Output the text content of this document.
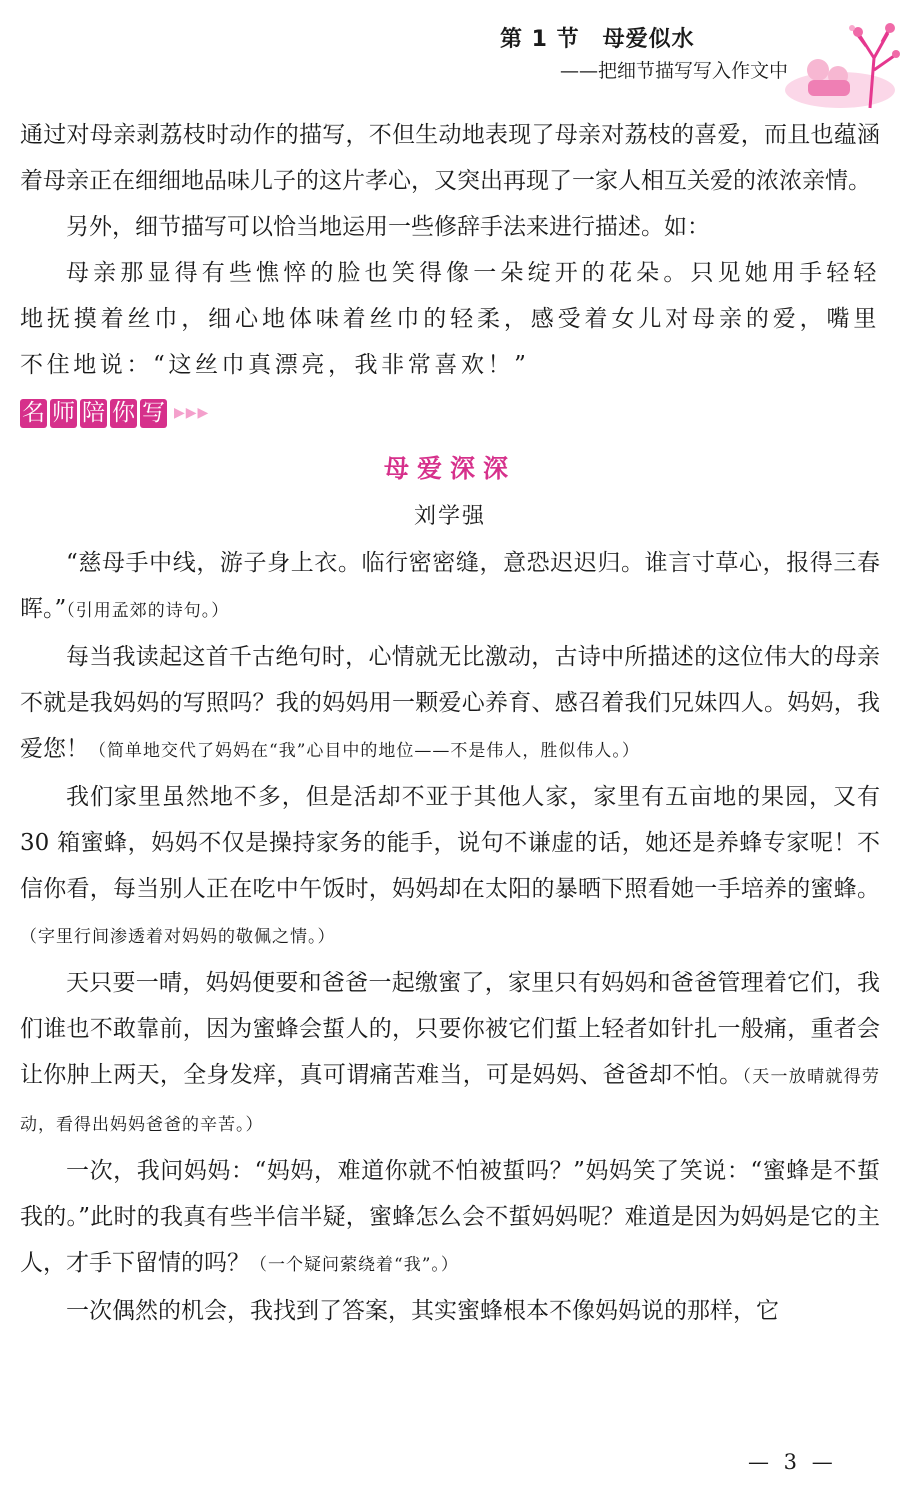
第 1 节　母爱似水
——把细节描写写入作文中

通过对母亲剥荔枝时动作的描写，不但生动地表现了母亲对荔枝的喜爱，而且也蕴涵着母亲正在细细地品味儿子的这片孝心，又突出再现了一家人相互关爱的浓浓亲情。

另外，细节描写可以恰当地运用一些修辞手法来进行描述。如：

母亲那显得有些憔悴的脸也笑得像一朵绽开的花朵。只见她用手轻轻地抚摸着丝巾，细心地体味着丝巾的轻柔，感受着女儿对母亲的爱，嘴里不住地说：“这丝巾真漂亮，我非常喜欢！”

名 师 陪 你 写 ▶▶▶
母爱深深
刘学强

“慈母手中线，游子身上衣。临行密密缝，意恐迟迟归。谁言寸草心，报得三春晖。”（引用孟郊的诗句。）

每当我读起这首千古绝句时，心情就无比激动，古诗中所描述的这位伟大的母亲不就是我妈妈的写照吗？我的妈妈用一颗爱心养育、感召着我们兄妹四人。妈妈，我爱您！（简单地交代了妈妈在“我”心目中的地位——不是伟人，胜似伟人。）

我们家里虽然地不多，但是活却不亚于其他人家，家里有五亩地的果园，又有 30 箱蜜蜂，妈妈不仅是操持家务的能手，说句不谦虚的话，她还是养蜂专家呢！不信你看，每当别人正在吃中午饭时，妈妈却在太阳的暴晒下照看她一手培养的蜜蜂。（字里行间渗透着对妈妈的敬佩之情。）

天只要一晴，妈妈便要和爸爸一起缴蜜了，家里只有妈妈和爸爸管理着它们，我们谁也不敢靠前，因为蜜蜂会蜇人的，只要你被它们蜇上轻者如针扎一般痛，重者会让你肿上两天，全身发痒，真可谓痛苦难当，可是妈妈、爸爸却不怕。（天一放晴就得劳动，看得出妈妈爸爸的辛苦。）

一次，我问妈妈：“妈妈，难道你就不怕被蜇吗？”妈妈笑了笑说：“蜜蜂是不蜇我的。”此时的我真有些半信半疑，蜜蜂怎么会不蜇妈妈呢？难道是因为妈妈是它的主人，才手下留情的吗？（一个疑问萦绕着“我”。）

一次偶然的机会，我找到了答案，其实蜜蜂根本不像妈妈说的那样，它

— 3 —
